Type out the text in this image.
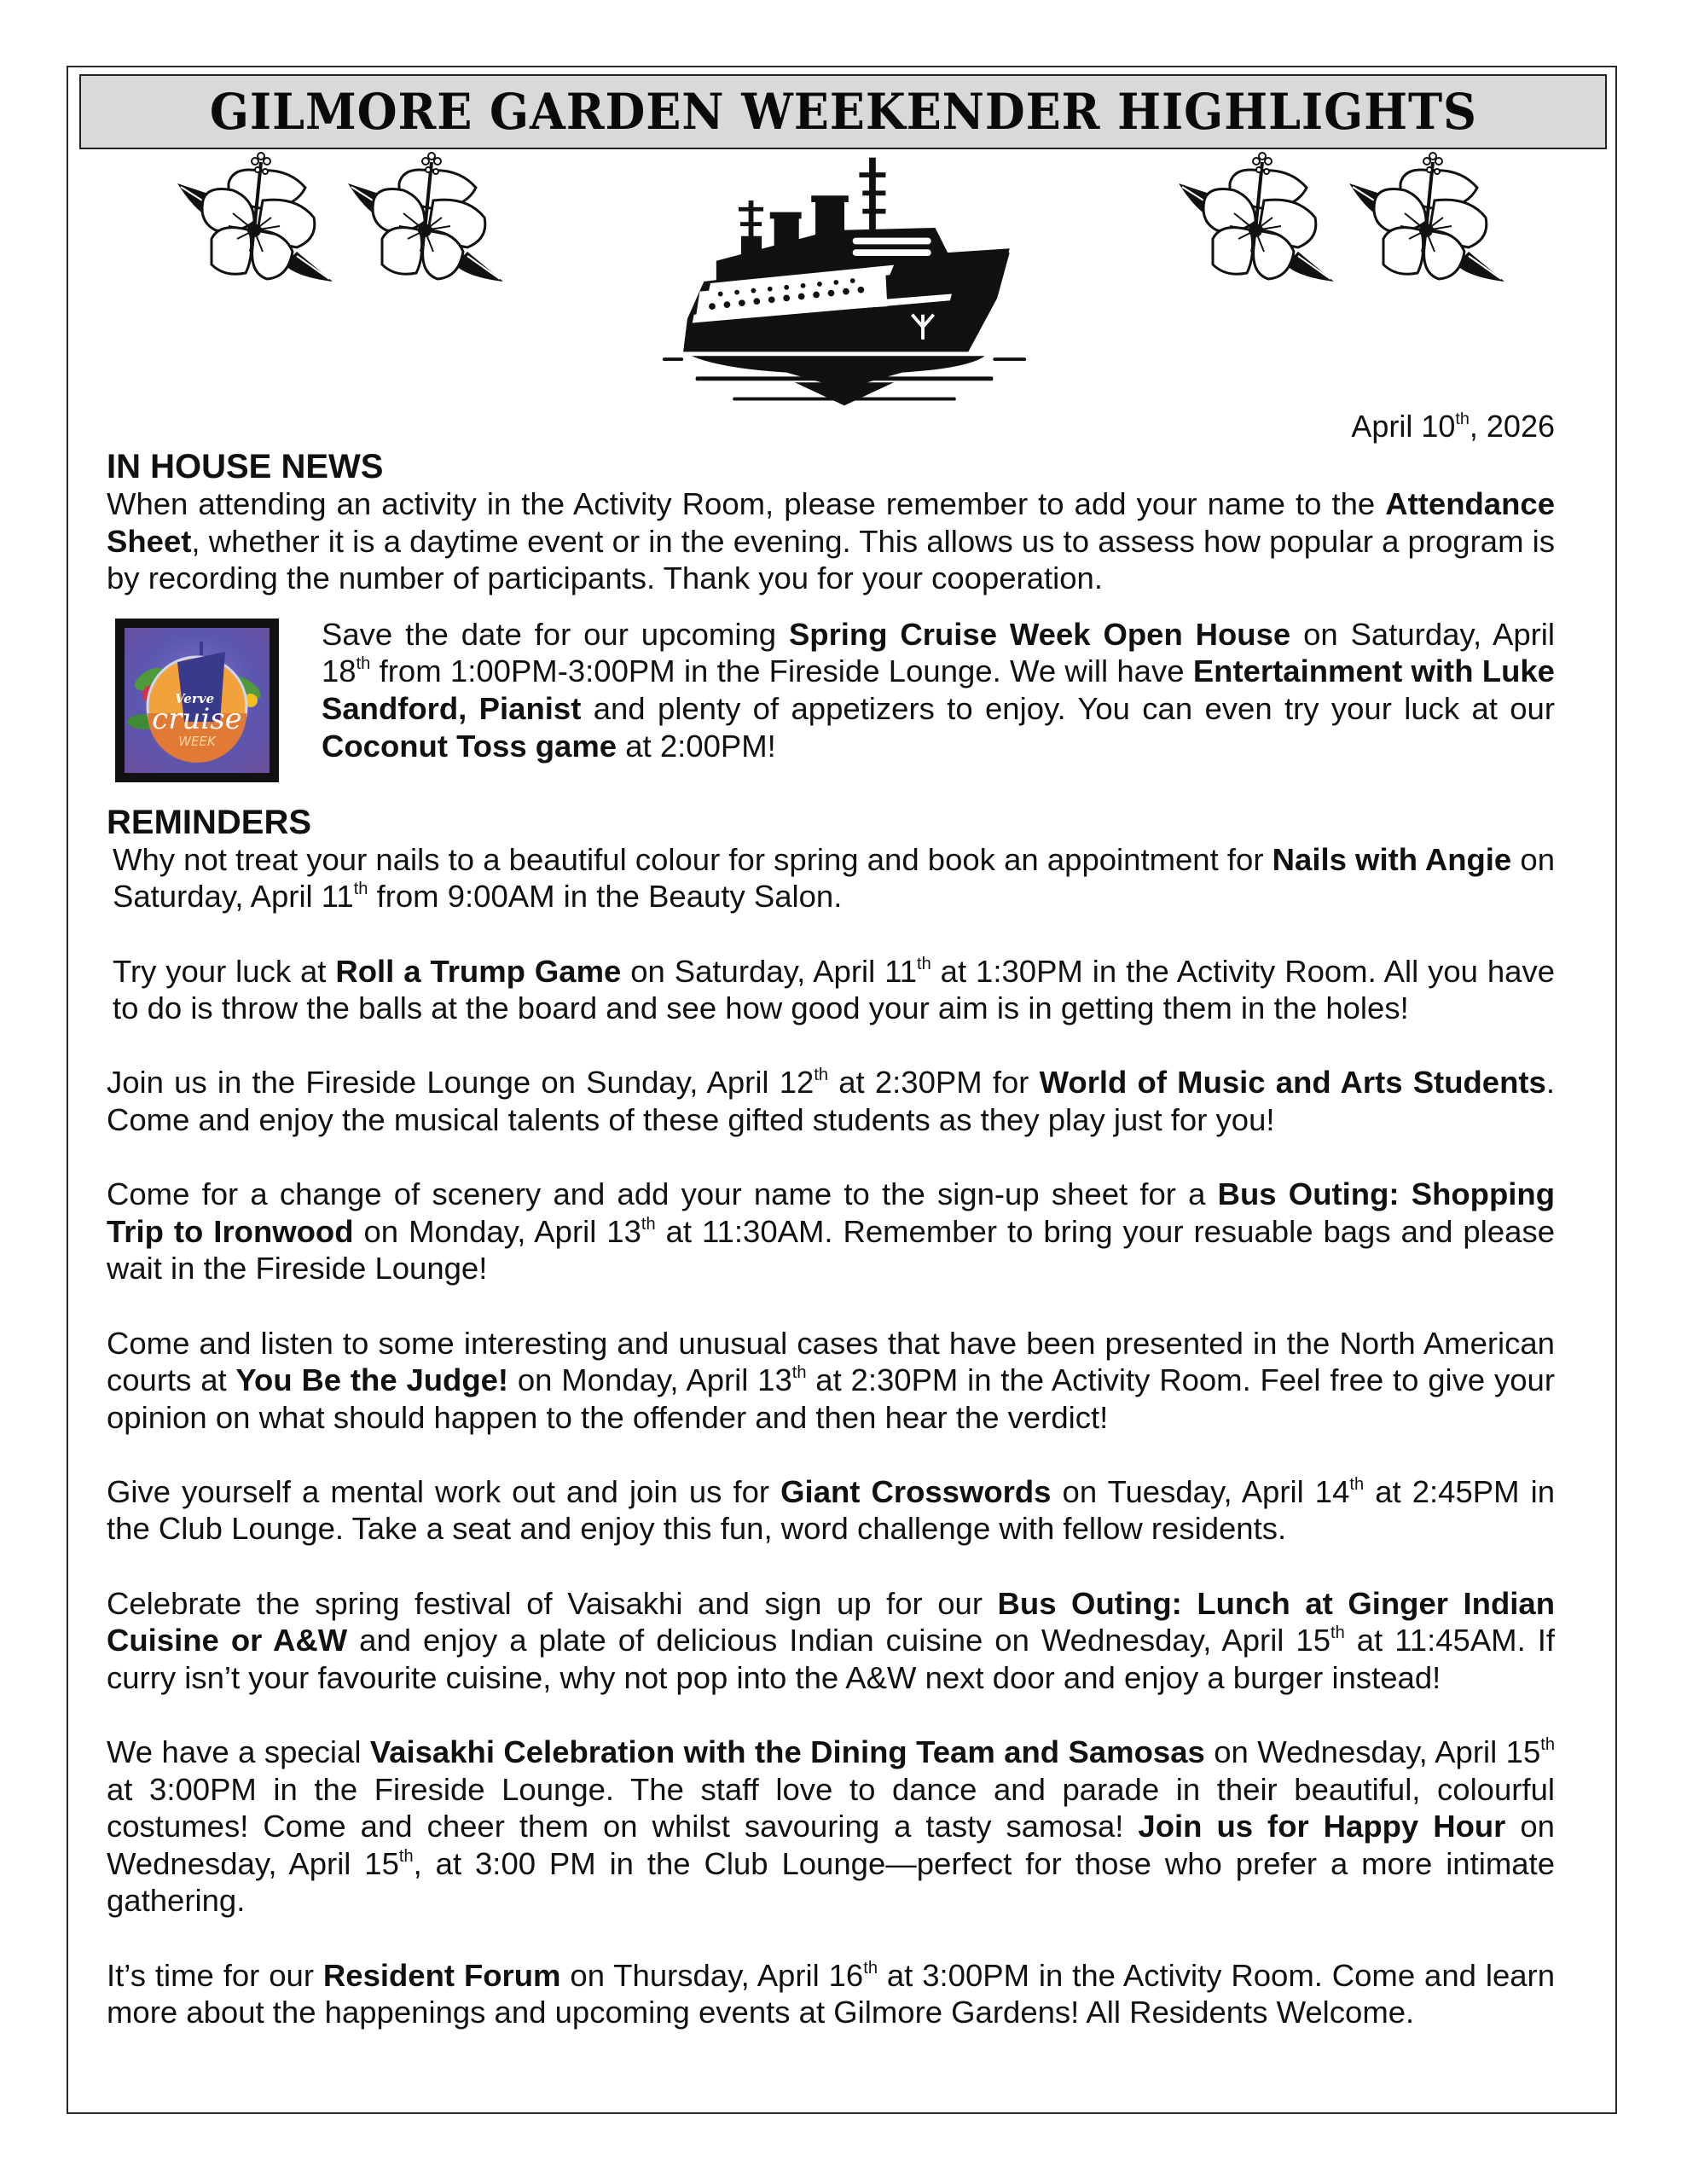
GILMORE GARDEN WEEKENDER HIGHLIGHTS
April 10th, 2026
IN HOUSE NEWS

When attending an activity in the Activity Room, please remember to add your name to the Attendance Sheet, whether it is a daytime event or in the evening. This allows us to assess how popular a program is by recording the number of participants. Thank you for your cooperation.

Verve
cruise
WEEK

Save the date for our upcoming Spring Cruise Week Open House on Saturday, April 18th from 1:00PM-3:00PM in the Fireside Lounge. We will have Entertainment with Luke Sandford, Pianist and plenty of appetizers to enjoy. You can even try your luck at our Coconut Toss game at 2:00PM!

REMINDERS

Why not treat your nails to a beautiful colour for spring and book an appointment for Nails with Angie on Saturday, April 11th from 9:00AM in the Beauty Salon.

Try your luck at Roll a Trump Game on Saturday, April 11th at 1:30PM in the Activity Room. All you have to do is throw the balls at the board and see how good your aim is in getting them in the holes!

Join us in the Fireside Lounge on Sunday, April 12th at 2:30PM for World of Music and Arts Students. Come and enjoy the musical talents of these gifted students as they play just for you!

Come for a change of scenery and add your name to the sign-up sheet for a Bus Outing: Shopping Trip to Ironwood on Monday, April 13th at 11:30AM. Remember to bring your resuable bags and please wait in the Fireside Lounge!

Come and listen to some interesting and unusual cases that have been presented in the North American courts at You Be the Judge! on Monday, April 13th at 2:30PM in the Activity Room. Feel free to give your opinion on what should happen to the offender and then hear the verdict!

Give yourself a mental work out and join us for Giant Crosswords on Tuesday, April 14th at 2:45PM in the Club Lounge. Take a seat and enjoy this fun, word challenge with fellow residents.

Celebrate the spring festival of Vaisakhi and sign up for our Bus Outing: Lunch at Ginger Indian Cuisine or A&W and enjoy a plate of delicious Indian cuisine on Wednesday, April 15th at 11:45AM. If curry isn’t your favourite cuisine, why not pop into the A&W next door and enjoy a burger instead!

We have a special Vaisakhi Celebration with the Dining Team and Samosas on Wednesday, April 15th at 3:00PM in the Fireside Lounge. The staff love to dance and parade in their beautiful, colourful costumes! Come and cheer them on whilst savouring a tasty samosa! Join us for Happy Hour on Wednesday, April 15th, at 3:00 PM in the Club Lounge—perfect for those who prefer a more intimate gathering.

It’s time for our Resident Forum on Thursday, April 16th at 3:00PM in the Activity Room. Come and learn more about the happenings and upcoming events at Gilmore Gardens! All Residents Welcome.
